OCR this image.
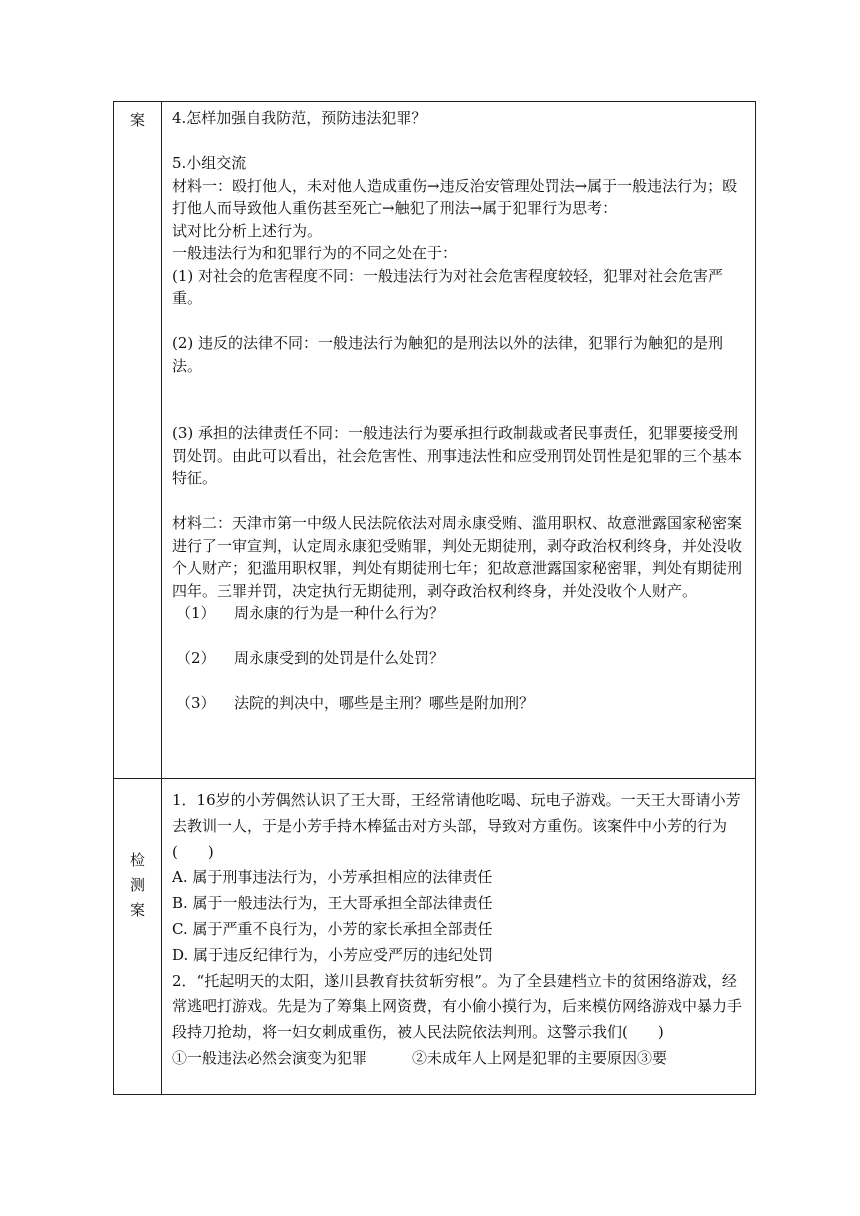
案
检
测
案
4.怎样加强自我防范，预防违法犯罪？
5.小组交流
材料一：殴打他人，未对他人造成重伤→违反治安管理处罚法→属于一般违法行为；殴打他人而导致他人重伤甚至死亡→触犯了刑法→属于犯罪行为思考：
试对比分析上述行为。
一般违法行为和犯罪行为的不同之处在于：
(1) 对社会的危害程度不同：一般违法行为对社会危害程度较轻，犯罪对社会危害严重。
(2) 违反的法律不同：一般违法行为触犯的是刑法以外的法律，犯罪行为触犯的是刑法。
(3) 承担的法律责任不同：一般违法行为要承担行政制裁或者民事责任，犯罪要接受刑罚处罚。由此可以看出，社会危害性、刑事违法性和应受刑罚处罚性是犯罪的三个基本特征。
材料二：天津市第一中级人民法院依法对周永康受贿、滥用职权、故意泄露国家秘密案进行了一审宣判，认定周永康犯受贿罪，判处无期徒刑，剥夺政治权利终身，并处没收个人财产；犯滥用职权罪，判处有期徒刑七年；犯故意泄露国家秘密罪，判处有期徒刑四年。三罪并罚，决定执行无期徒刑，剥夺政治权利终身，并处没收个人财产。
（1） 周永康的行为是一种什么行为？
（2） 周永康受到的处罚是什么处罚？
（3） 法院的判决中，哪些是主刑？哪些是附加刑？
1．16岁的小芳偶然认识了王大哥，王经常请他吃喝、玩电子游戏。一天王大哥请小芳去教训一人，于是小芳手持木棒猛击对方头部，导致对方重伤。该案件中小芳的行为(　　)
A. 属于刑事违法行为，小芳承担相应的法律责任
B. 属于一般违法行为，王大哥承担全部法律责任
C. 属于严重不良行为，小芳的家长承担全部责任
D. 属于违反纪律行为，小芳应受严厉的违纪处罚
2．“托起明天的太阳，遂川县教育扶贫斩穷根”。为了全县建档立卡的贫困络游戏，经常逃吧打游戏。先是为了筹集上网资费，有小偷小摸行为，后来模仿网络游戏中暴力手段持刀抢劫，将一妇女刺成重伤，被人民法院依法判刑。这警示我们(　　)
①一般违法必然会演变为犯罪　　　②未成年人上网是犯罪的主要原因③要
